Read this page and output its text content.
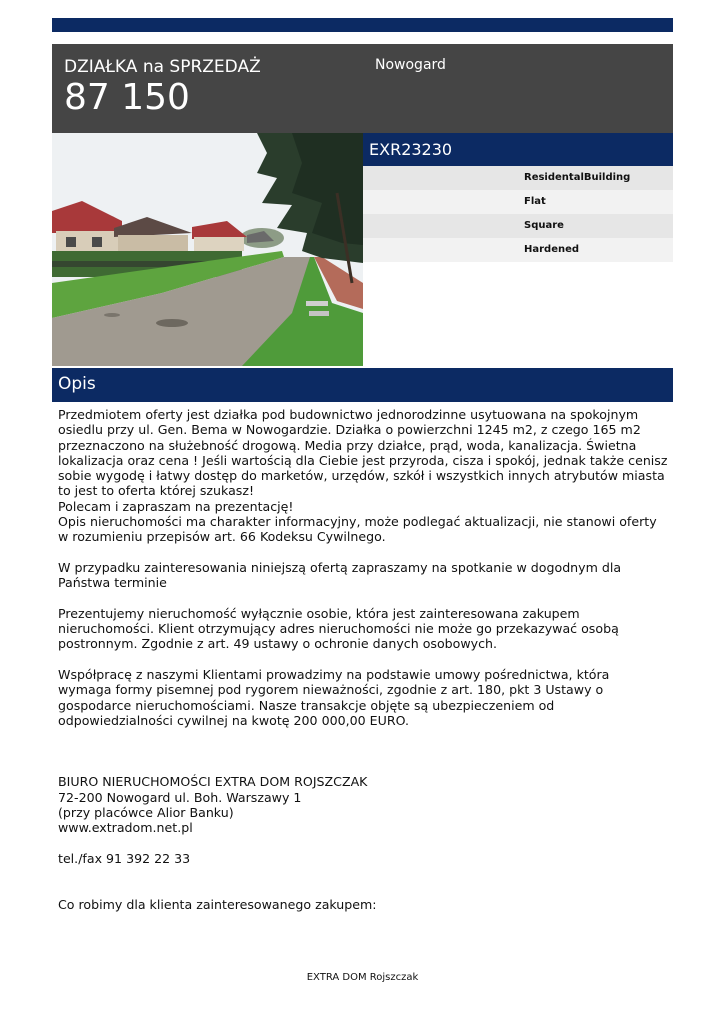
DZIAŁKA na SPRZEDAŻ
87 150
Nowogard
EXR23230
ResidentalBuilding
Flat
Square
Hardened
Opis

Przedmiotem oferty jest działka pod budownictwo jednorodzinne usytuowana na spokojnym osiedlu przy ul. Gen. Bema w Nowogardzie. Działka o powierzchni 1245 m2, z czego 165 m2 przeznaczono na służebność drogową. Media przy działce, prąd, woda, kanalizacja. Świetna lokalizacja oraz cena ! Jeśli wartością dla Ciebie jest przyroda, cisza i spokój, jednak także cenisz sobie wygodę i łatwy dostęp do marketów, urzędów, szkół i wszystkich innych atrybutów miasta to jest to oferta której szukasz!
Polecam i zapraszam na prezentację!
Opis nieruchomości ma charakter informacyjny, może podlegać aktualizacji, nie stanowi oferty w rozumieniu przepisów art. 66 Kodeksu Cywilnego.

W przypadku zainteresowania niniejszą ofertą zapraszamy na spotkanie w dogodnym dla Państwa terminie

Prezentujemy nieruchomość wyłącznie osobie, która jest zainteresowana zakupem nieruchomości. Klient otrzymujący adres nieruchomości nie może go przekazywać osobą postronnym. Zgodnie z art. 49 ustawy o ochronie danych osobowych.

Współpracę z naszymi Klientami prowadzimy na podstawie umowy pośrednictwa, która
wymaga formy pisemnej pod rygorem nieważności, zgodnie z art. 180, pkt 3 Ustawy o gospodarce nieruchomościami. Nasze transakcje objęte są ubezpieczeniem od odpowiedzialności cywilnej na kwotę 200 000,00 EURO.

BIURO NIERUCHOMOŚCI EXTRA DOM ROJSZCZAK
72-200 Nowogard ul. Boh. Warszawy 1
(przy placówce Alior Banku)
www.extradom.net.pl

tel./fax 91 392 22 33

Co robimy dla klienta zainteresowanego zakupem:

EXTRA DOM Rojszczak
